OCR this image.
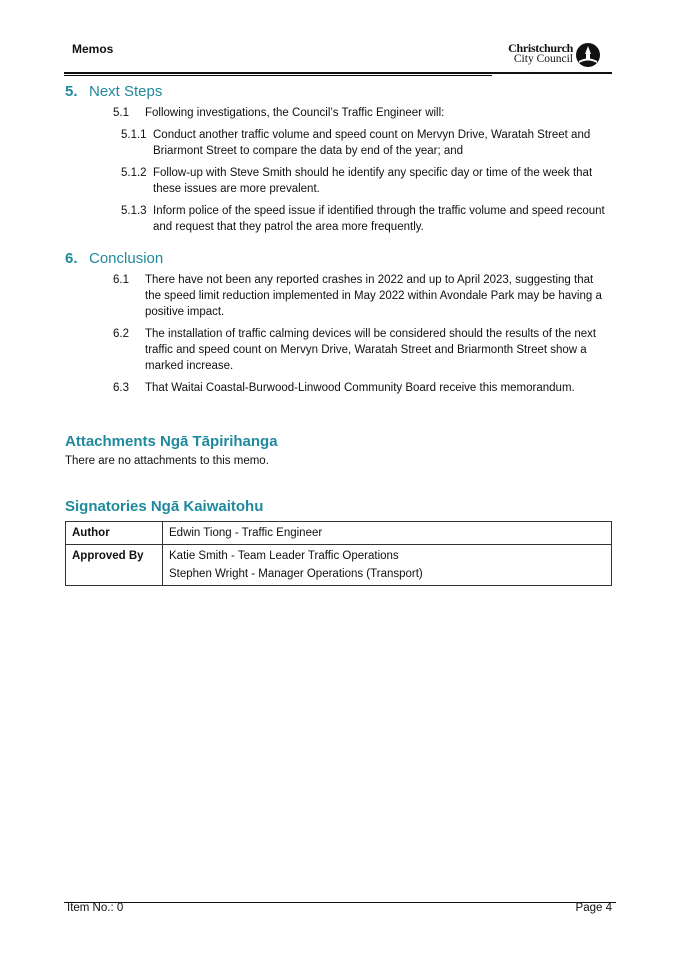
Memos	Christchurch
City Council
5. Next Steps
5.1 Following investigations, the Council’s Traffic Engineer will:
5.1.1 Conduct another traffic volume and speed count on Mervyn Drive, Waratah Street and Briarmont Street to compare the data by end of the year; and
5.1.2 Follow-up with Steve Smith should he identify any specific day or time of the week that these issues are more prevalent.
5.1.3 Inform police of the speed issue if identified through the traffic volume and speed recount and request that they patrol the area more frequently.
6. Conclusion
6.1 There have not been any reported crashes in 2022 and up to April 2023, suggesting that the speed limit reduction implemented in May 2022 within Avondale Park may be having a positive impact.
6.2 The installation of traffic calming devices will be considered should the results of the next traffic and speed count on Mervyn Drive, Waratah Street and Briarmonth Street show a marked increase.
6.3 That Waitai Coastal-Burwood-Linwood Community Board receive this memorandum.
Attachments Ngā Tāpirihanga
There are no attachments to this memo.
Signatories Ngā Kaiwaitohu
Author	Edwin Tiong - Traffic Engineer
Approved By	Katie Smith - Team Leader Traffic Operations
Stephen Wright - Manager Operations (Transport)
Item No.: 0	Page 4
